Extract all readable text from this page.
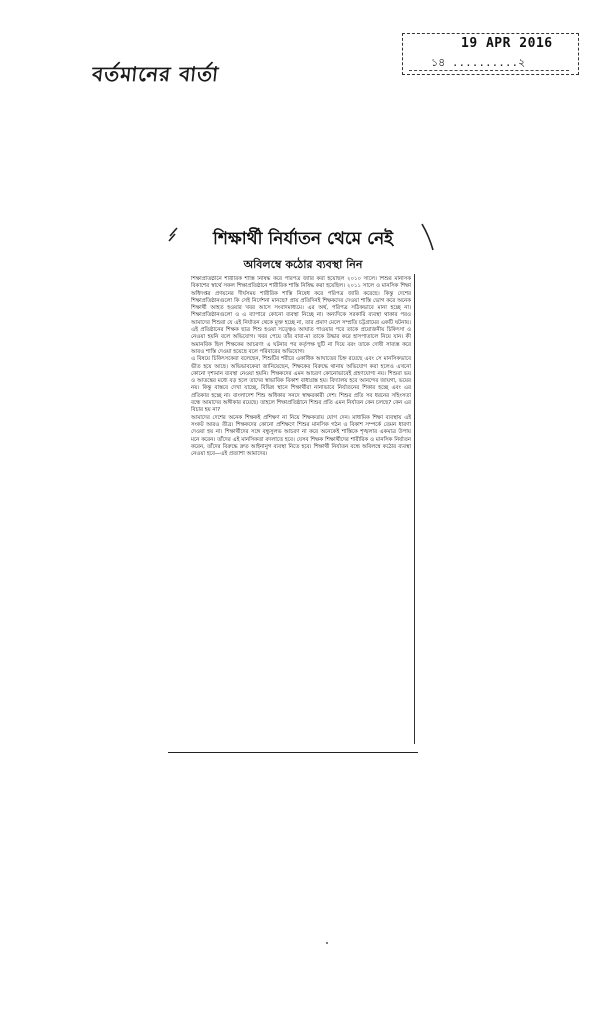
বর্তমানের বার্তা
19 APR 2016
১৪ ..........২
শিক্ষার্থী নির্যাতন থেমে নেই
অবিলম্বে কঠোর ব্যবস্থা নিন

শিক্ষাপ্রতিষ্ঠানে শারীরিক শাস্তি নিষিদ্ধ করে পরিপত্র জারি করা হয়েছিল ২০১০ সালে। শিশুর মানসিক বিকাশের স্বার্থে সকল শিক্ষাপ্রতিষ্ঠানে শারীরিক শাস্তি নিষিদ্ধ করা হয়েছিল। ২০১১ সালে ও মানসিক শিক্ষা অধিদপ্তর প্রণয়নের দীর্ঘসময় শারীরিক শাস্তি নিষেধ করে পরিপত্র জারি করেছে। কিন্তু দেশের শিক্ষাপ্রতিষ্ঠানগুলো কি সেই নির্দেশনা মানছে? প্রায় প্রতিদিনই শিক্ষকদের দেওয়া শাস্তি ভোগ করে অনেক শিক্ষার্থী আহত হওয়ার খবর আসে সংবাদমাধ্যমে। এর অর্থ, পরিপত্র সঠিকভাবে মানা হচ্ছে না। শিক্ষাপ্রতিষ্ঠানগুলো ও এ ব্যাপারে কোনো ব্যবস্থা নিচ্ছে না। অন্যদিকে সরকারি ব্যবস্থা থাকার পরও আমাদের শিশুরা যে এই নির্যাতন থেকে মুক্ত হচ্ছে না, তার প্রমাণ মেলে সম্প্রতি চট্টগ্রামের একটি ঘটনায়। এই প্রতিষ্ঠানের শিক্ষক ছাত্র শিশু হওয়া সত্ত্বেও আঘাত পাওয়ার পরে তাকে প্রয়োজনীয় চিকিৎসা ও নেওয়া হয়নি বলে অভিযোগ। খবর পেয়ে তাঁর বাবা-মা তাকে উদ্ধার করে হাসপাতালে নিয়ে যান। কী অমানবিক ছিল শিক্ষকের আচরণ! এ ঘটনার পর কর্তৃপক্ষ ছুটি না দিয়ে বরং তাকে দোষী সাব্যস্ত করে আরও শাস্তি দেওয়া হয়েছে বলে পরিবারের অভিযোগ।

এ বিষয়ে চিকিৎসকেরা বলেছেন, শিশুটির শরীরে একাধিক আঘাতের চিহ্ন রয়েছে এবং সে মানসিকভাবে ভীত হয়ে আছে। অভিভাবকেরা জানিয়েছেন, শিক্ষকের বিরুদ্ধে থানায় অভিযোগ করা হলেও এখনো কোনো দৃশ্যমান ব্যবস্থা নেওয়া হয়নি। শিক্ষকদের এমন আচরণ কোনোভাবেই গ্রহণযোগ্য নয়। শিশুরা ভয় ও আতঙ্কের মধ্যে বড় হলে তাদের স্বাভাবিক বিকাশ বাধাগ্রস্ত হয়। বিদ্যালয় হবে আনন্দের জায়গা, ভয়ের নয়। কিন্তু বাস্তবে দেখা যাচ্ছে, বিভিন্ন স্থানে শিক্ষার্থীরা নানাভাবে নির্যাতনের শিকার হচ্ছে এবং এর প্রতিকার হচ্ছে না। বাংলাদেশ শিশু অধিকার সনদে স্বাক্ষরকারী দেশ। শিশুর প্রতি সব ধরনের সহিংসতা বন্ধে আমাদের অঙ্গীকার রয়েছে। তাহলে শিক্ষাপ্রতিষ্ঠানে শিশুর প্রতি এমন নির্যাতন কেন চলছে? কেন এর বিচার হয় না?

আমাদের দেশের অনেক শিক্ষকই প্রশিক্ষণ না নিয়ে শিক্ষকতায় যোগ দেন। মাধ্যমিক শিক্ষা ব্যবস্থায় এই সংকট আরও তীব্র। শিক্ষকদের কোনো প্রশিক্ষণে শিশুর মানসিক গঠন ও বিকাশ সম্পর্কে তেমন ধারণা দেওয়া হয় না। শিক্ষার্থীদের সঙ্গে বন্ধুসুলভ আচরণ না করে অনেকেই শাস্তিকে শৃঙ্খলার একমাত্র উপায় মনে করেন। তাঁদের এই মানসিকতা বদলাতে হবে। যেসব শিক্ষক শিক্ষার্থীদের শারীরিক ও মানসিক নির্যাতন করেন, তাঁদের বিরুদ্ধে দ্রুত আইনানুগ ব্যবস্থা নিতে হবে। শিক্ষার্থী নির্যাতন বন্ধে অবিলম্বে কঠোর ব্যবস্থা নেওয়া হবে—এই প্রত্যাশা আমাদের।
